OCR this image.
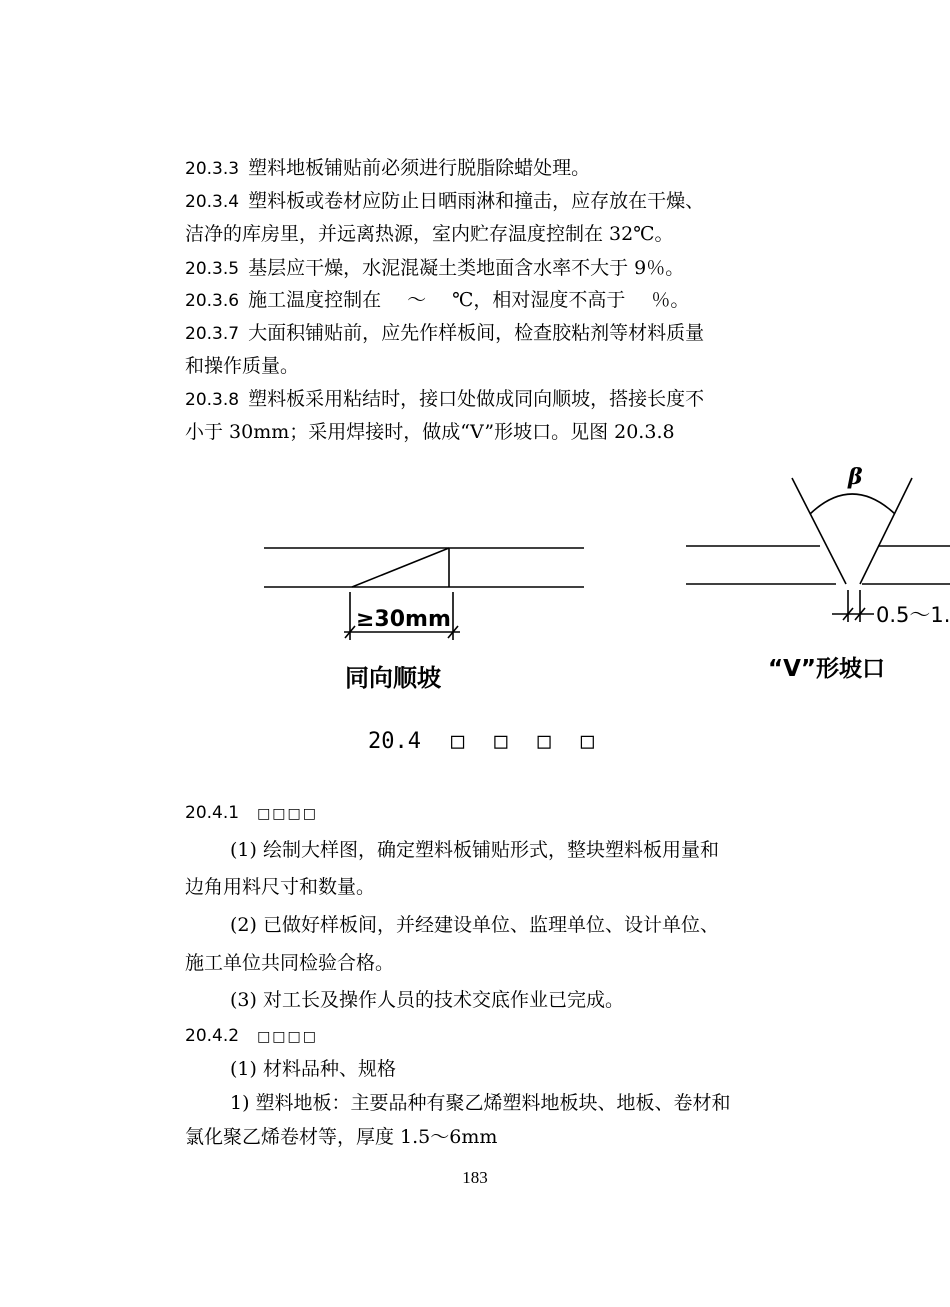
20.3.3 塑料地板铺贴前必须进行脱脂除蜡处理。
20.3.4 塑料板或卷材应防止日晒雨淋和撞击，应存放在干燥、
洁净的库房里，并远离热源，室内贮存温度控制在 32℃。
20.3.5 基层应干燥，水泥混凝土类地面含水率不大于 9％。
20.3.6 施工温度控制在 ～ ℃，相对湿度不高于 ％。
20.3.7 大面积铺贴前，应先作样板间，检查胶粘剂等材料质量
和操作质量。
20.3.8 塑料板采用粘结时，接口处做成同向顺坡，搭接长度不
小于 30mm；采用焊接时，做成“V”形坡口。见图 20.3.8
≥30mm
同向顺坡
β
0.5～1.
“V”形坡口
20.4 □ □ □ □
20.4.1 □□□□
(1) 绘制大样图，确定塑料板铺贴形式，整块塑料板用量和
边角用料尺寸和数量。
(2) 已做好样板间，并经建设单位、监理单位、设计单位、
施工单位共同检验合格。
(3) 对工长及操作人员的技术交底作业已完成。
20.4.2 □□□□
(1) 材料品种、规格
1) 塑料地板：主要品种有聚乙烯塑料地板块、地板、卷材和
氯化聚乙烯卷材等，厚度 1.5～6mm
183
